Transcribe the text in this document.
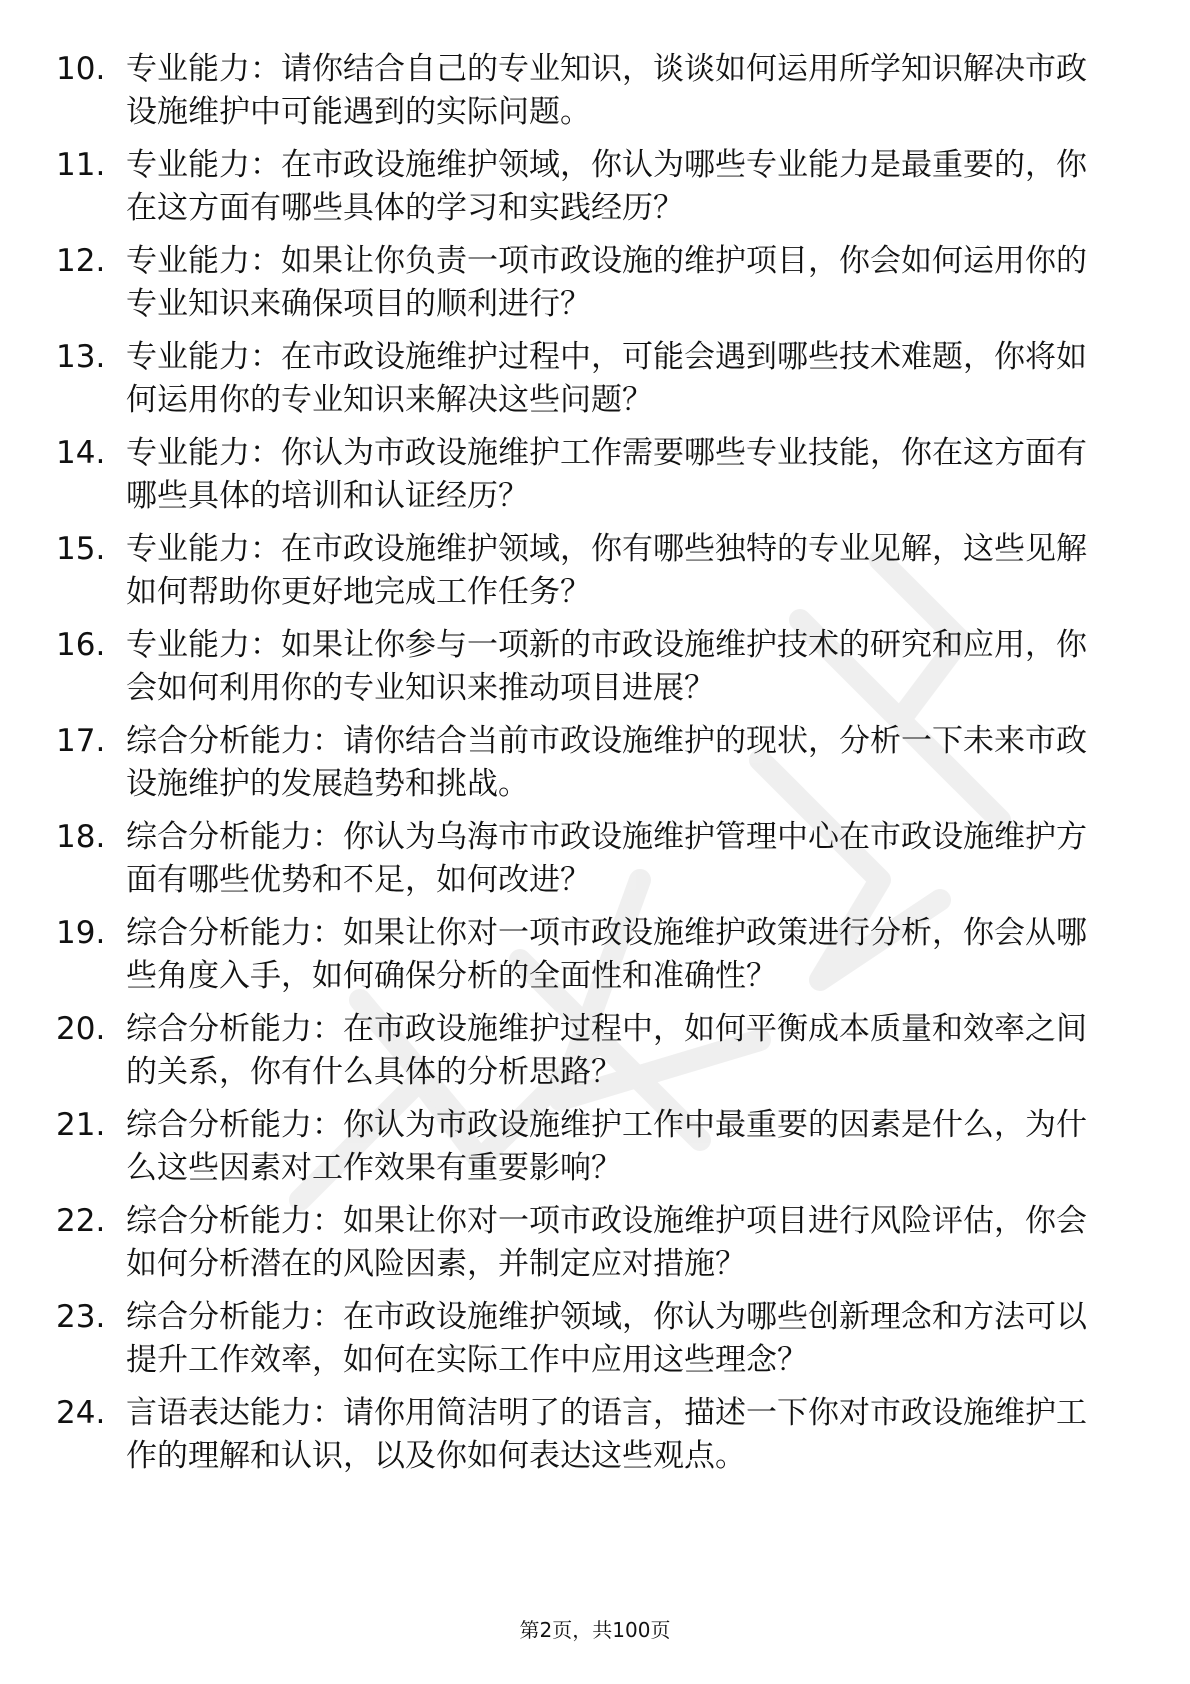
10. 专业能力：请你结合自己的专业知识，谈谈如何运用所学知识解决市政设施维护中可能遇到的实际问题。
11. 专业能力：在市政设施维护领域，你认为哪些专业能力是最重要的，你在这方面有哪些具体的学习和实践经历？
12. 专业能力：如果让你负责一项市政设施的维护项目，你会如何运用你的专业知识来确保项目的顺利进行？
13. 专业能力：在市政设施维护过程中，可能会遇到哪些技术难题，你将如何运用你的专业知识来解决这些问题？
14. 专业能力：你认为市政设施维护工作需要哪些专业技能，你在这方面有哪些具体的培训和认证经历？
15. 专业能力：在市政设施维护领域，你有哪些独特的专业见解，这些见解如何帮助你更好地完成工作任务？
16. 专业能力：如果让你参与一项新的市政设施维护技术的研究和应用，你会如何利用你的专业知识来推动项目进展？
17. 综合分析能力：请你结合当前市政设施维护的现状，分析一下未来市政设施维护的发展趋势和挑战。
18. 综合分析能力：你认为乌海市市政设施维护管理中心在市政设施维护方面有哪些优势和不足，如何改进？
19. 综合分析能力：如果让你对一项市政设施维护政策进行分析，你会从哪些角度入手，如何确保分析的全面性和准确性？
20. 综合分析能力：在市政设施维护过程中，如何平衡成本质量和效率之间的关系，你有什么具体的分析思路？
21. 综合分析能力：你认为市政设施维护工作中最重要的因素是什么，为什么这些因素对工作效果有重要影响？
22. 综合分析能力：如果让你对一项市政设施维护项目进行风险评估，你会如何分析潜在的风险因素，并制定应对措施？
23. 综合分析能力：在市政设施维护领域，你认为哪些创新理念和方法可以提升工作效率，如何在实际工作中应用这些理念？
24. 言语表达能力：请你用简洁明了的语言，描述一下你对市政设施维护工作的理解和认识，以及你如何表达这些观点。
第2页，共100页
